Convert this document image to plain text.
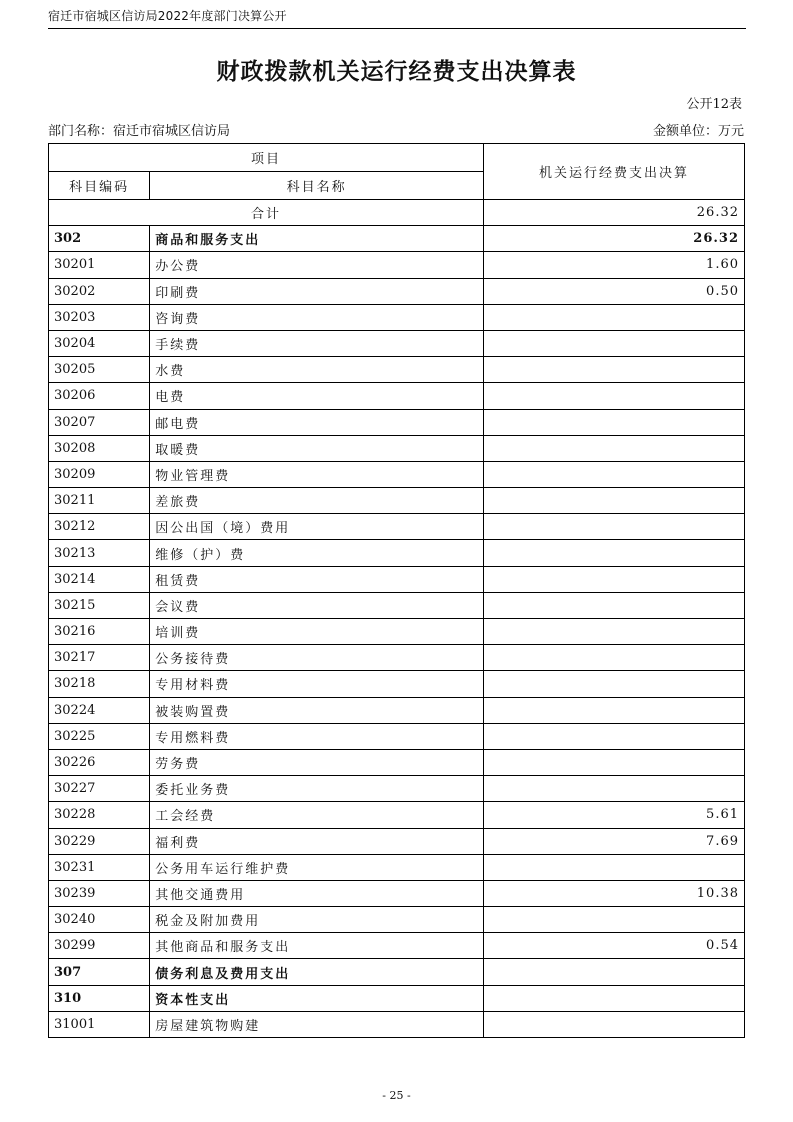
宿迁市宿城区信访局2022年度部门决算公开
财政拨款机关运行经费支出决算表
公开12表
部门名称：宿迁市宿城区信访局	金额单位：万元
项目		机关运行经费支出决算
科目编码	科目名称	
合计		26.32
302	商品和服务支出	26.32
30201	办公费	1.60
30202	印刷费	0.50
30203	咨询费	
30204	手续费	
30205	水费	
30206	电费	
30207	邮电费	
30208	取暖费	
30209	物业管理费	
30211	差旅费	
30212	因公出国（境）费用	
30213	维修（护）费	
30214	租赁费	
30215	会议费	
30216	培训费	
30217	公务接待费	
30218	专用材料费	
30224	被装购置费	
30225	专用燃料费	
30226	劳务费	
30227	委托业务费	
30228	工会经费	5.61
30229	福利费	7.69
30231	公务用车运行维护费	
30239	其他交通费用	10.38
30240	税金及附加费用	
30299	其他商品和服务支出	0.54
307	债务利息及费用支出	
310	资本性支出	
31001	房屋建筑物购建	
- 25 -
